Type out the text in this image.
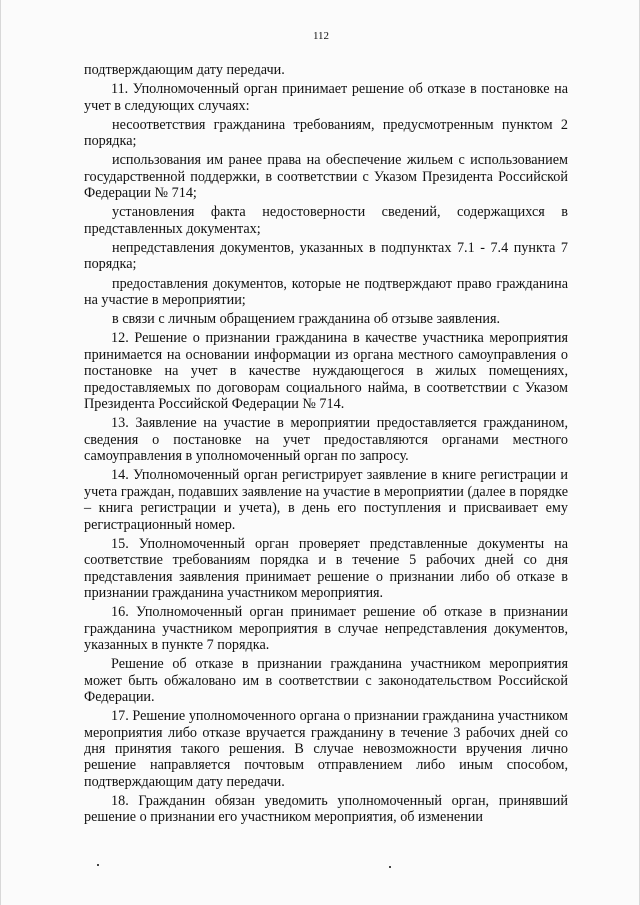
112

подтверждающим дату передачи.

11. Уполномоченный орган принимает решение об отказе в постановке на учет в следующих случаях:

несоответствия гражданина требованиям, предусмотренным пунктом 2 порядка;

использования им ранее права на обеспечение жильем с использованием государственной поддержки, в соответствии с Указом Президента Российской Федерации № 714;

установления факта недостоверности сведений, содержащихся в представленных документах;

непредставления документов, указанных в подпунктах 7.1 - 7.4 пункта 7 порядка;

предоставления документов, которые не подтверждают право гражданина на участие в мероприятии;

в связи с личным обращением гражданина об отзыве заявления.

12. Решение о признании гражданина в качестве участника мероприятия принимается на основании информации из органа местного самоуправления о постановке на учет в качестве нуждающегося в жилых помещениях, предоставляемых по договорам социального найма, в соответствии с Указом Президента Российской Федерации № 714.

13. Заявление на участие в мероприятии предоставляется гражданином, сведения о постановке на учет предоставляются органами местного самоуправления в уполномоченный орган по запросу.

14. Уполномоченный орган регистрирует заявление в книге регистрации и учета граждан, подавших заявление на участие в мероприятии (далее в порядке – книга регистрации и учета), в день его поступления и присваивает ему регистрационный номер.

15. Уполномоченный орган проверяет представленные документы на соответствие требованиям порядка и в течение 5 рабочих дней со дня представления заявления принимает решение о признании либо об отказе в признании гражданина участником мероприятия.

16. Уполномоченный орган принимает решение об отказе в признании гражданина участником мероприятия в случае непредставления документов, указанных в пункте 7 порядка.

Решение об отказе в признании гражданина участником мероприятия может быть обжаловано им в соответствии с законодательством Российской Федерации.

17. Решение уполномоченного органа о признании гражданина участником мероприятия либо отказе вручается гражданину в течение 3 рабочих дней со дня принятия такого решения. В случае невозможности вручения лично решение направляется почтовым отправлением либо иным способом, подтверждающим дату передачи.

18. Гражданин обязан уведомить уполномоченный орган, принявший решение о признании его участником мероприятия, об изменении
